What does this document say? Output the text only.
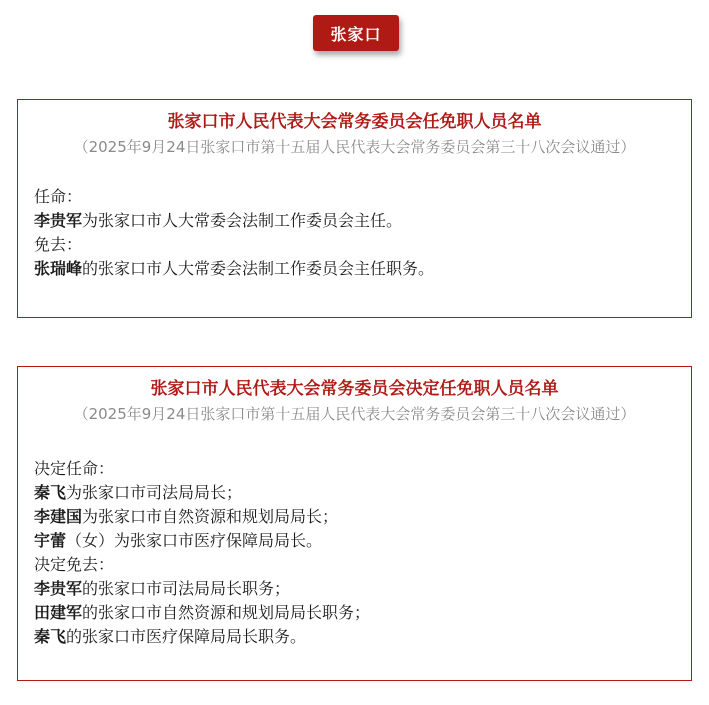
张家口

张家口市人民代表大会常务委员会任免职人员名单

（2025年9月24日张家口市第十五届人民代表大会常务委员会第三十八次会议通过）

任命：
李贵军为张家口市人大常委会法制工作委员会主任。
免去：
张瑞峰的张家口市人大常委会法制工作委员会主任职务。

张家口市人民代表大会常务委员会决定任免职人员名单

（2025年9月24日张家口市第十五届人民代表大会常务委员会第三十八次会议通过）

决定任命：
秦飞为张家口市司法局局长；
李建国为张家口市自然资源和规划局局长；
宇蕾（女）为张家口市医疗保障局局长。
决定免去：
李贵军的张家口市司法局局长职务；
田建军的张家口市自然资源和规划局局长职务；
秦飞的张家口市医疗保障局局长职务。
